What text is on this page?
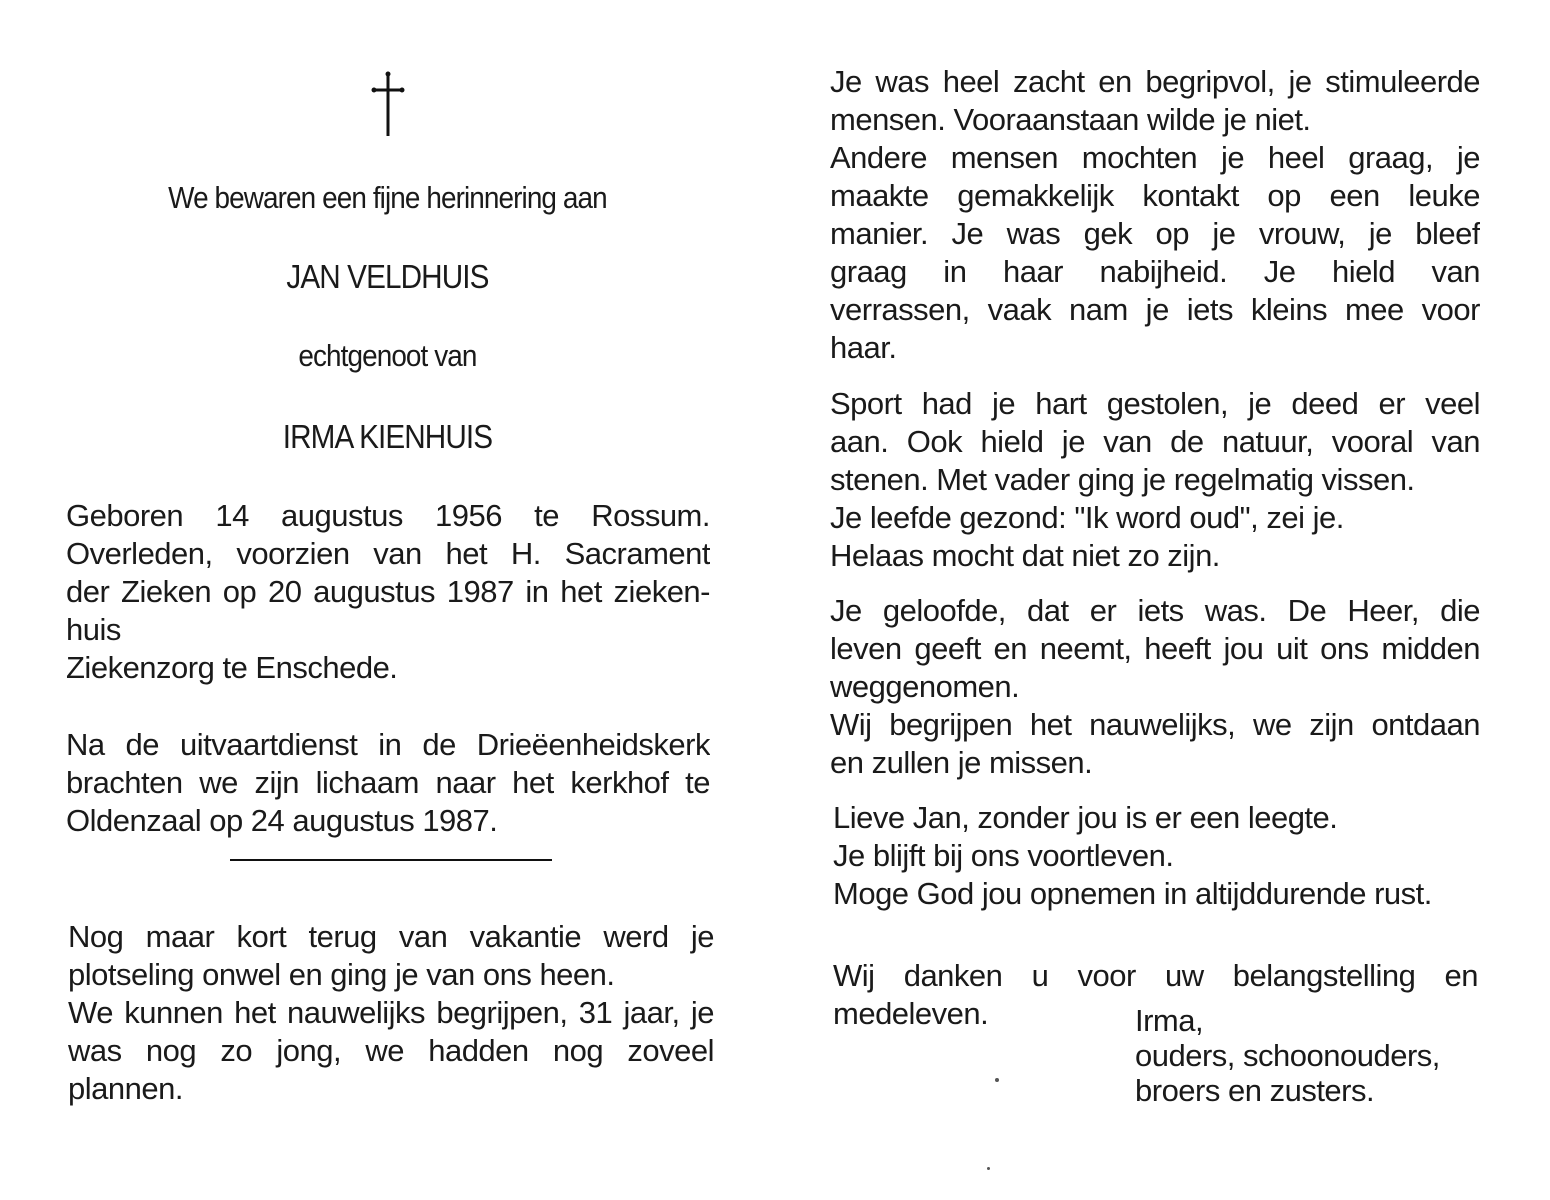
We bewaren een fijne herinnering aan
JAN VELDHUIS
echtgenoot van
IRMA KIENHUIS
Geboren 14 augustus 1956 te Rossum.
Overleden, voorzien van het H. Sacrament
der Zieken op 20 augustus 1987 in het zieken-
huis
Ziekenzorg te Enschede.
Na de uitvaartdienst in de Drieëenheidskerk
brachten we zijn lichaam naar het kerkhof te
Oldenzaal op 24 augustus 1987.
Nog maar kort terug van vakantie werd je
plotseling onwel en ging je van ons heen.
We kunnen het nauwelijks begrijpen, 31 jaar, je
was nog zo jong, we hadden nog zoveel
plannen.
Je was heel zacht en begripvol, je stimuleerde
mensen. Vooraanstaan wilde je niet.
Andere mensen mochten je heel graag, je
maakte gemakkelijk kontakt op een leuke
manier. Je was gek op je vrouw, je bleef
graag in haar nabijheid. Je hield van
verrassen, vaak nam je iets kleins mee voor
haar.
Sport had je hart gestolen, je deed er veel
aan. Ook hield je van de natuur, vooral van
stenen. Met vader ging je regelmatig vissen.
Je leefde gezond: "Ik word oud", zei je.
Helaas mocht dat niet zo zijn.
Je geloofde, dat er iets was. De Heer, die
leven geeft en neemt, heeft jou uit ons midden
weggenomen.
Wij begrijpen het nauwelijks, we zijn ontdaan
en zullen je missen.
Lieve Jan, zonder jou is er een leegte.
Je blijft bij ons voortleven.
Moge God jou opnemen in altijddurende rust.
Wij danken u voor uw belangstelling en
medeleven.	Irma,
ouders, schoonouders,
broers en zusters.
